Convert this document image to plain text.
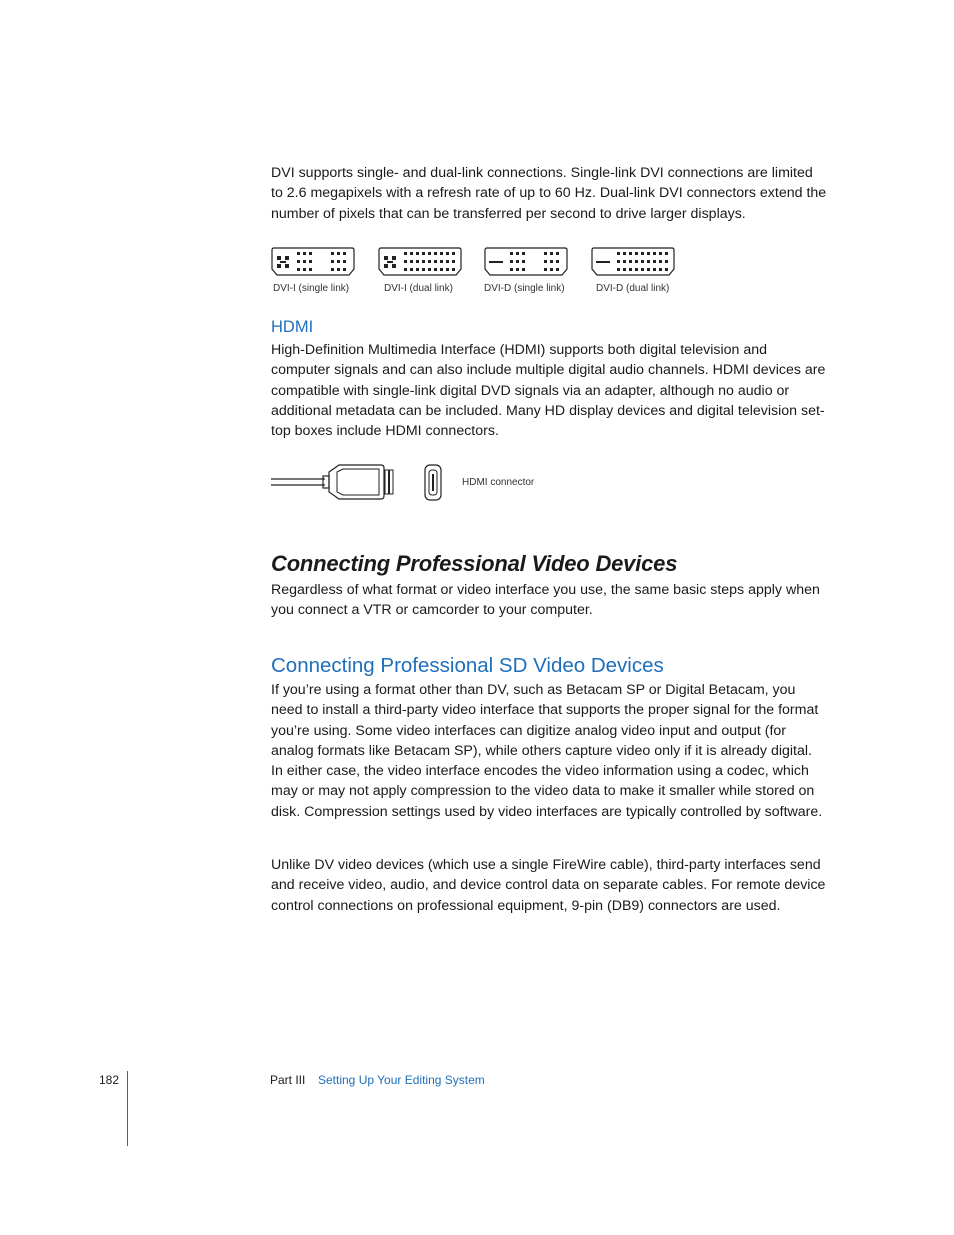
DVI supports single- and dual-link connections. Single-link DVI connections are limited to 2.6 megapixels with a refresh rate of up to 60 Hz. Dual-link DVI connectors extend the number of pixels that can be transferred per second to drive larger displays.

DVI-I (single link)	DVI-I (dual link)	DVI-D (single link)	DVI-D (dual link)
HDMI

High-Definition Multimedia Interface (HDMI) supports both digital television and computer signals and can also include multiple digital audio channels. HDMI devices are compatible with single-link digital DVD signals via an adapter, although no audio or additional metadata can be included. Many HD display devices and digital television set-top boxes include HDMI connectors.

HDMI connector
Connecting Professional Video Devices

Regardless of what format or video interface you use, the same basic steps apply when you connect a VTR or camcorder to your computer.

Connecting Professional SD Video Devices

If you’re using a format other than DV, such as Betacam SP or Digital Betacam, you need to install a third-party video interface that supports the proper signal for the format you’re using. Some video interfaces can digitize analog video input and output (for analog formats like Betacam SP), while others capture video only if it is already digital. In either case, the video interface encodes the video information using a codec, which may or may not apply compression to the video data to make it smaller while stored on disk. Compression settings used by video interfaces are typically controlled by software.

Unlike DV video devices (which use a single FireWire cable), third-party interfaces send and receive video, audio, and device control data on separate cables. For remote device control connections on professional equipment, 9-pin (DB9) connectors are used.

182	Part III Setting Up Your Editing System
